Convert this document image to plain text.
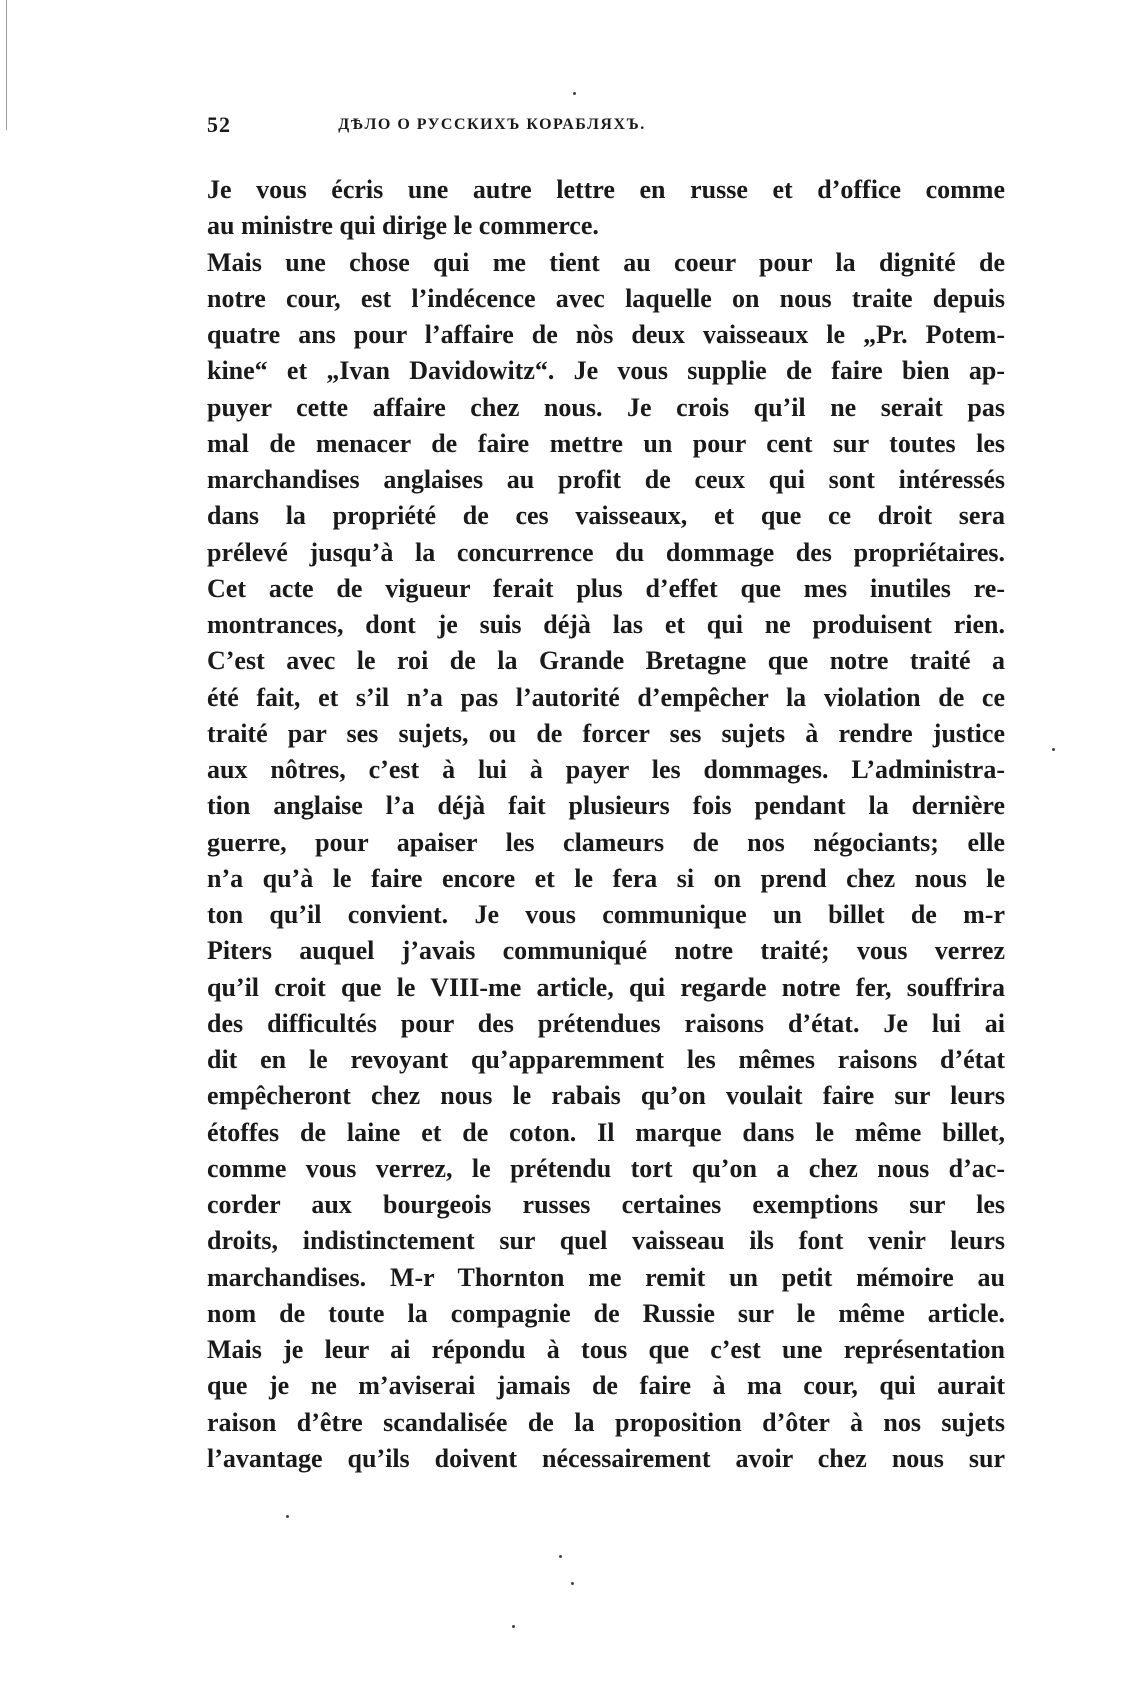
52	ДѢЛО О РУССКИХЪ КОРАБЛЯХЪ.
Je vous écris une autre lettre en russe et d’office comme
au ministre qui dirige le commerce.
Mais une chose qui me tient au coeur pour la dignité de
notre cour, est l’indécence avec laquelle on nous traite depuis
quatre ans pour l’affaire de nòs deux vaisseaux le „Pr. Potem-
kine“ et „Ivan Davidowitz“. Je vous supplie de faire bien ap-
puyer cette affaire chez nous. Je crois qu’il ne serait pas
mal de menacer de faire mettre un pour cent sur toutes les
marchandises anglaises au profit de ceux qui sont intéressés
dans la propriété de ces vaisseaux, et que ce droit sera
prélevé jusqu’à la concurrence du dommage des propriétaires.
Cet acte de vigueur ferait plus d’effet que mes inutiles re-
montrances, dont je suis déjà las et qui ne produisent rien.
C’est avec le roi de la Grande Bretagne que notre traité a
été fait, et s’il n’a pas l’autorité d’empêcher la violation de ce
traité par ses sujets, ou de forcer ses sujets à rendre justice
aux nôtres, c’est à lui à payer les dommages. L’administra-
tion anglaise l’a déjà fait plusieurs fois pendant la dernière
guerre, pour apaiser les clameurs de nos négociants; elle
n’a qu’à le faire encore et le fera si on prend chez nous le
ton qu’il convient. Je vous communique un billet de m-r
Piters auquel j’avais communiqué notre traité; vous verrez
qu’il croit que le VIII-me article, qui regarde notre fer, souffrira
des difficultés pour des prétendues raisons d’état. Je lui ai
dit en le revoyant qu’apparemment les mêmes raisons d’état
empêcheront chez nous le rabais qu’on voulait faire sur leurs
étoffes de laine et de coton. Il marque dans le même billet,
comme vous verrez, le prétendu tort qu’on a chez nous d’ac-
corder aux bourgeois russes certaines exemptions sur les
droits, indistinctement sur quel vaisseau ils font venir leurs
marchandises. M-r Thornton me remit un petit mémoire au
nom de toute la compagnie de Russie sur le même article.
Mais je leur ai répondu à tous que c’est une représentation
que je ne m’aviserai jamais de faire à ma cour, qui aurait
raison d’être scandalisée de la proposition d’ôter à nos sujets
l’avantage qu’ils doivent nécessairement avoir chez nous sur
